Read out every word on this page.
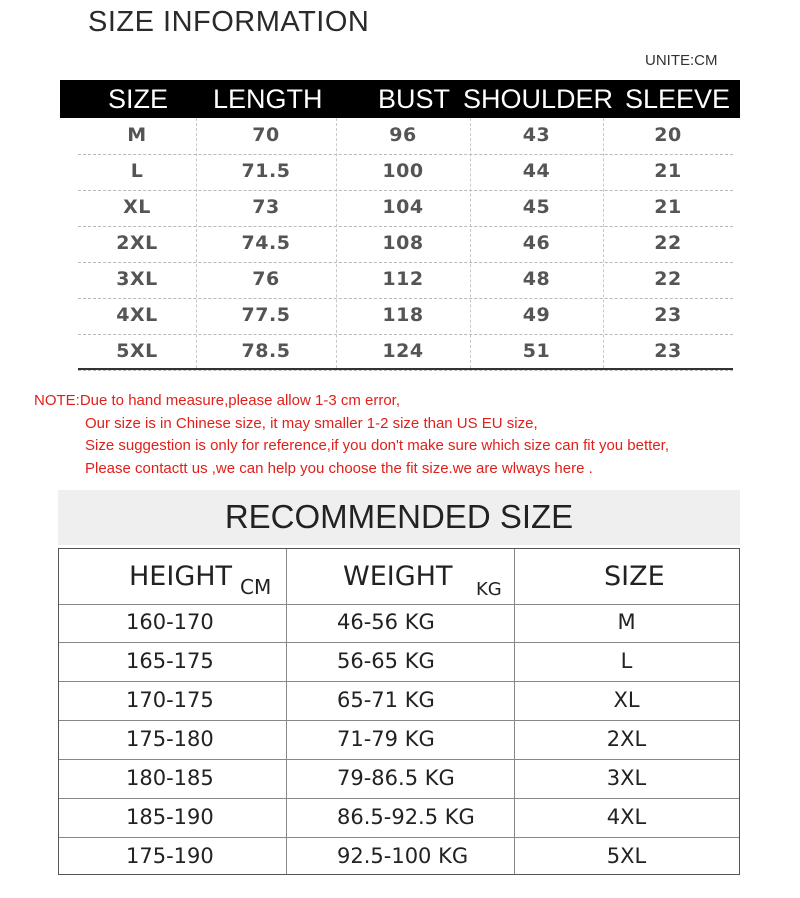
SIZE INFORMATION
UNITE:CM
SIZE LENGTH BUST SHOULDER SLEEVE
M	70	96	43	20
L	71.5	100	44	21
XL	73	104	45	21
2XL	74.5	108	46	22
3XL	76	112	48	22
4XL	77.5	118	49	23
5XL	78.5	124	51	23
NOTE:Due to hand measure,please allow 1-3 cm error,
Our size is in Chinese size, it may smaller 1-2 size than US EU size,
Size suggestion is only for reference,if you don't make sure which size can fit you better,
Please contactt us ,we can help you choose the fit size.we are wlways here .
RECOMMENDED SIZE
HEIGHT CM	WEIGHT KG	SIZE
160-170	46-56 KG	M
165-175	56-65 KG	L
170-175	65-71 KG	XL
175-180	71-79 KG	2XL
180-185	79-86.5 KG	3XL
185-190	86.5-92.5 KG	4XL
175-190	92.5-100 KG	5XL
